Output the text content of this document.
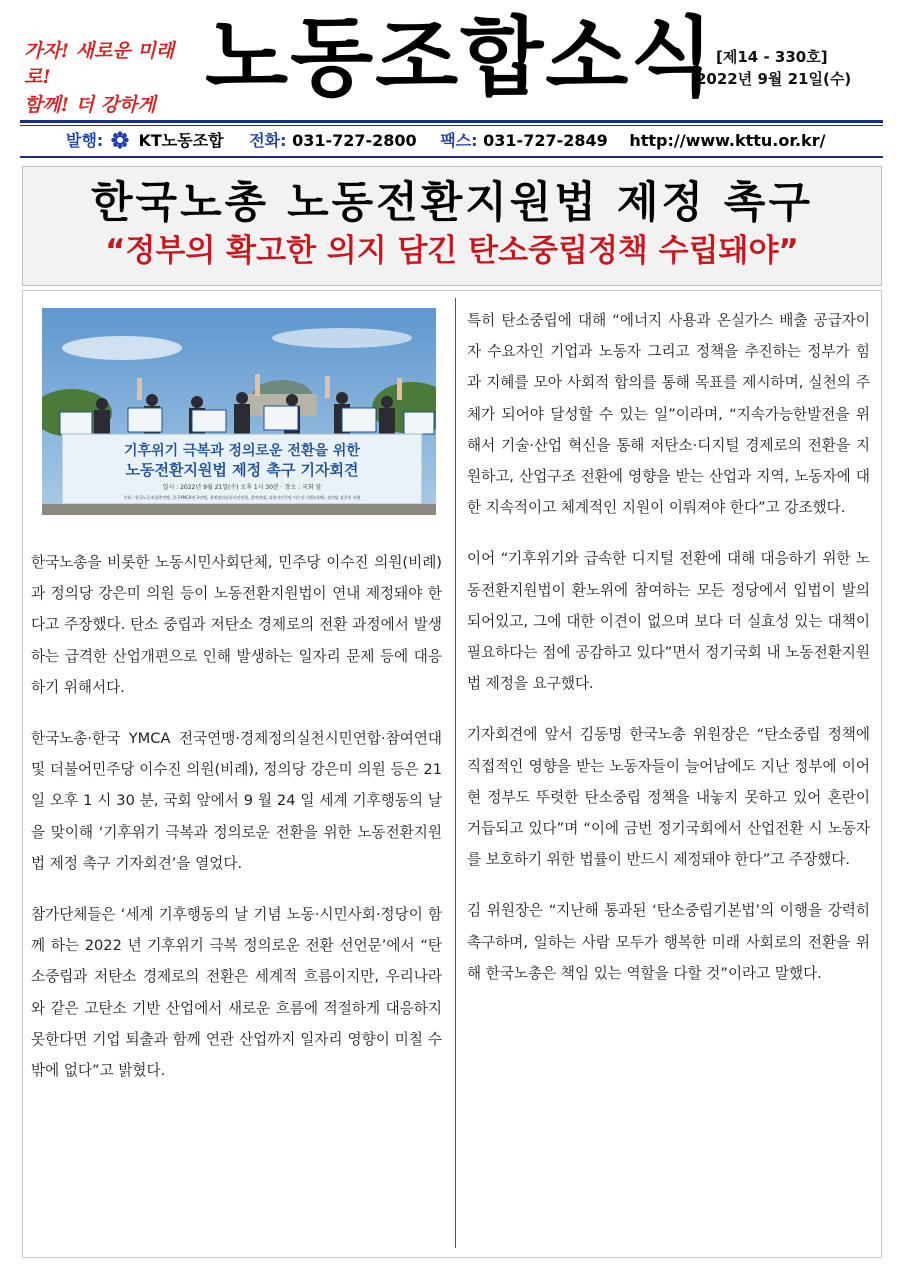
가자! 새로운 미래로!
함께! 더 강하게 노동조합소식 [제14 - 330호]
2022년 9월 21일(수)
발행: KT노동조합 전화: 031-727-2800 팩스: 031-727-2849 http://www.kttu.or.kr/
한국노총 노동전환지원법 제정 촉구
“정부의 확고한 의지 담긴 탄소중립정책 수립돼야”
기후위기 극복과 정의로운 전환을 위한
노동전환지원법 제정 촉구 기자회견
일시 : 2022년 9월 21일(수) 오후 1시 30분 · 장소 : 국회 앞
주최 : 한국노동조합총연맹, 한국YMCA전국연맹, 경제정의실천시민연합, 참여연대, 더불어민주당 이수진 의원(비례), 정의당 강은미 의원

한국노총을 비롯한 노동시민사회단체, 민주당 이수진 의원(비례)과 정의당 강은미 의원 등이 노동전환지원법이 연내 제정돼야 한다고 주장했다. 탄소 중립과 저탄소 경제로의 전환 과정에서 발생하는 급격한 산업개편으로 인해 발생하는 일자리 문제 등에 대응하기 위해서다.

한국노총·한국 YMCA 전국연맹·경제정의실천시민연합·참여연대 및 더불어민주당 이수진 의원(비례), 정의당 강은미 의원 등은 21 일 오후 1 시 30 분, 국회 앞에서 9 월 24 일 세계 기후행동의 날을 맞이해 ‘기후위기 극복과 정의로운 전환을 위한 노동전환지원법 제정 촉구 기자회견’을 열었다.

참가단체들은 ‘세계 기후행동의 날 기념 노동·시민사회·정당이 함께 하는 2022 년 기후위기 극복 정의로운 전환 선언문’에서 “탄소중립과 저탄소 경제로의 전환은 세계적 흐름이지만, 우리나라와 같은 고탄소 기반 산업에서 새로운 흐름에 적절하게 대응하지 못한다면 기업 퇴출과 함께 연관 산업까지 일자리 영향이 미칠 수밖에 없다”고 밝혔다.

특히 탄소중립에 대해 “에너지 사용과 온실가스 배출 공급자이자 수요자인 기업과 노동자 그리고 정책을 추진하는 정부가 힘과 지혜를 모아 사회적 합의를 통해 목표를 제시하며, 실천의 주체가 되어야 달성할 수 있는 일”이라며, “지속가능한발전을 위해서 기술·산업 혁신을 통해 저탄소·디지털 경제로의 전환을 지원하고, 산업구조 전환에 영향을 받는 산업과 지역, 노동자에 대한 지속적이고 체계적인 지원이 이뤄져야 한다”고 강조했다.

이어 “기후위기와 급속한 디지털 전환에 대해 대응하기 위한 노동전환지원법이 환노위에 참여하는 모든 정당에서 입법이 발의되어있고, 그에 대한 이견이 없으며 보다 더 실효성 있는 대책이 필요하다는 점에 공감하고 있다”면서 정기국회 내 노동전환지원법 제정을 요구했다.

기자회견에 앞서 김동명 한국노총 위원장은 “탄소중립 정책에 직접적인 영향을 받는 노동자들이 늘어남에도 지난 정부에 이어 현 정부도 뚜렷한 탄소중립 정책을 내놓지 못하고 있어 혼란이 거듭되고 있다”며 “이에 금번 정기국회에서 산업전환 시 노동자를 보호하기 위한 법률이 반드시 제정돼야 한다”고 주장했다.

김 위원장은 “지난해 통과된 ‘탄소중립기본법’의 이행을 강력히 촉구하며, 일하는 사람 모두가 행복한 미래 사회로의 전환을 위해 한국노총은 책임 있는 역할을 다할 것”이라고 말했다.
